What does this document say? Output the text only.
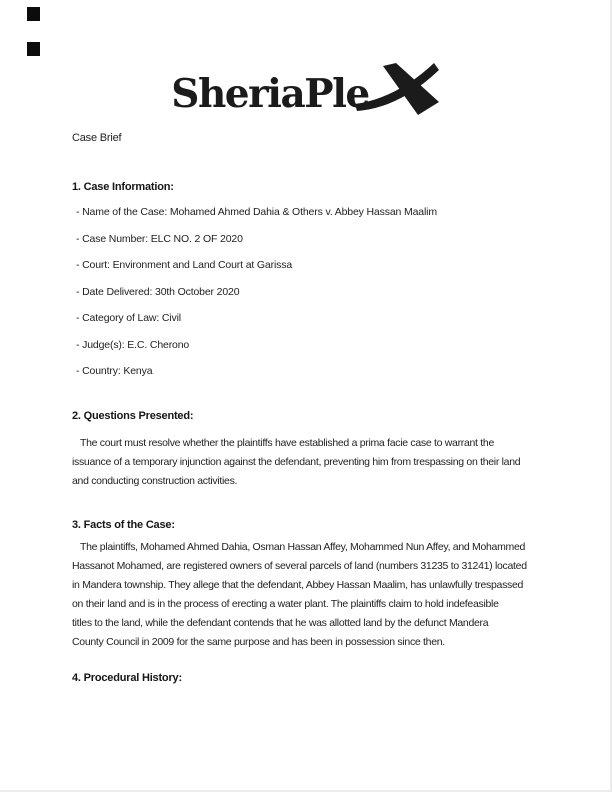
SheriaPle
Case Brief
1. Case Information:
- Name of the Case: Mohamed Ahmed Dahia & Others v. Abbey Hassan Maalim
- Case Number: ELC NO. 2 OF 2020
- Court: Environment and Land Court at Garissa
- Date Delivered: 30th October 2020
- Category of Law: Civil
- Judge(s): E.C. Cherono
- Country: Kenya
2. Questions Presented:
The court must resolve whether the plaintiffs have established a prima facie case to warrant the
issuance of a temporary injunction against the defendant, preventing him from trespassing on their land
and conducting construction activities.
3. Facts of the Case:
The plaintiffs, Mohamed Ahmed Dahia, Osman Hassan Affey, Mohammed Nun Affey, and Mohammed
Hassanot Mohamed, are registered owners of several parcels of land (numbers 31235 to 31241) located
in Mandera township. They allege that the defendant, Abbey Hassan Maalim, has unlawfully trespassed
on their land and is in the process of erecting a water plant. The plaintiffs claim to hold indefeasible
titles to the land, while the defendant contends that he was allotted land by the defunct Mandera
County Council in 2009 for the same purpose and has been in possession since then.
4. Procedural History:
